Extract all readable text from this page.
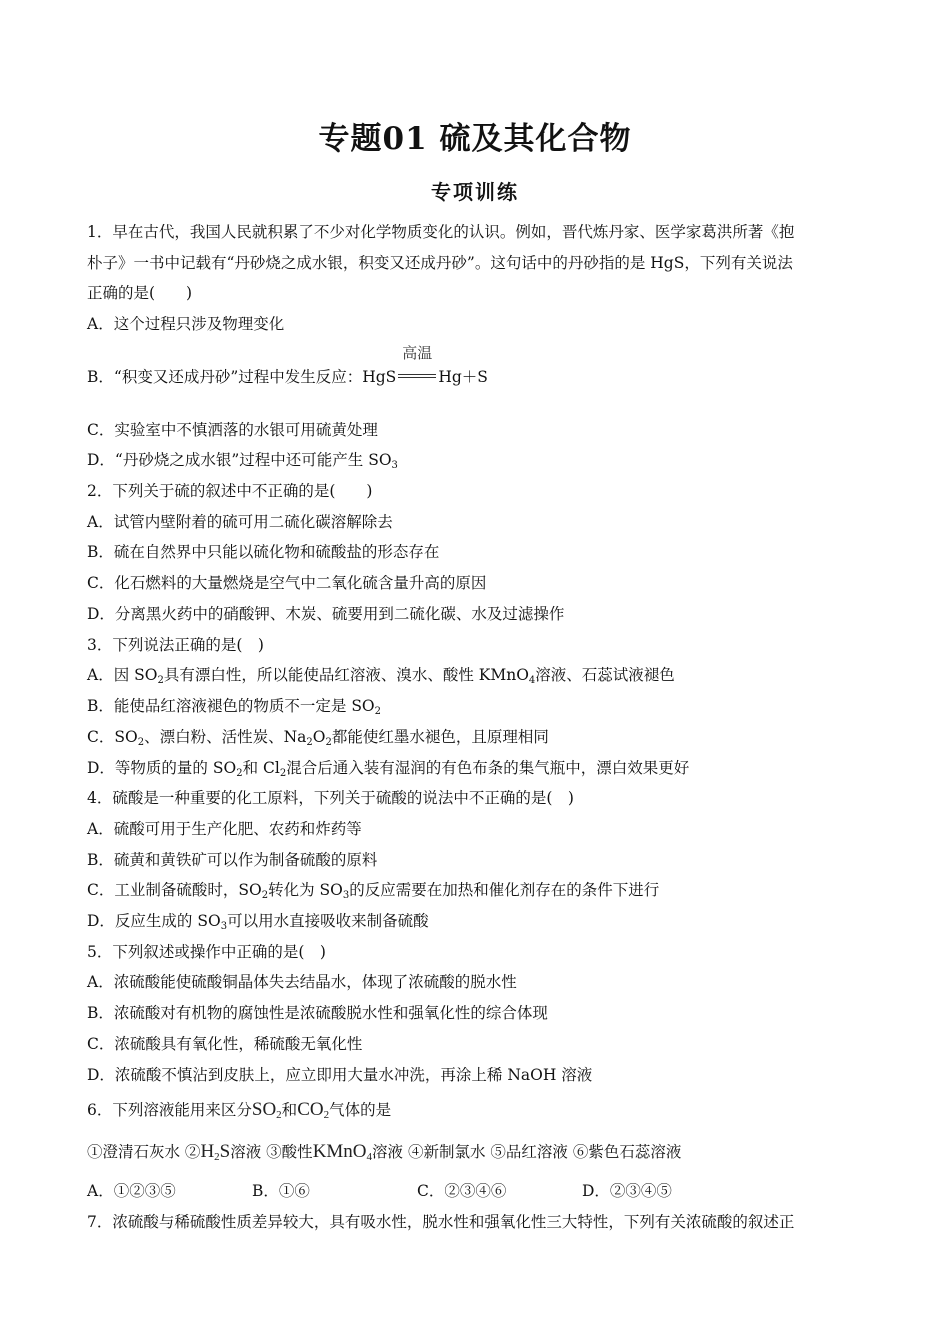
专题01 硫及其化合物
专项训练
1．早在古代，我国人民就积累了不少对化学物质变化的认识。例如，晋代炼丹家、医学家葛洪所著《抱
朴子》一书中记载有“丹砂烧之成水银，积变又还成丹砂”。这句话中的丹砂指的是 HgS，下列有关说法
正确的是(　　)
A．这个过程只涉及物理变化
B．“积变又还成丹砂”过程中发生反应：HgS
高温
Hg＋S
C．实验室中不慎洒落的水银可用硫黄处理
D．“丹砂烧之成水银”过程中还可能产生 $SO_3$
2．下列关于硫的叙述中不正确的是(　　)
A．试管内壁附着的硫可用二硫化碳溶解除去
B．硫在自然界中只能以硫化物和硫酸盐的形态存在
C．化石燃料的大量燃烧是空气中二氧化硫含量升高的原因
D．分离黑火药中的硝酸钾、木炭、硫要用到二硫化碳、水及过滤操作
3．下列说法正确的是(　)
A．因 $SO_2$具有漂白性，所以能使品红溶液、溴水、酸性 KMnO$_4$溶液、石蕊试液褪色
B．能使品红溶液褪色的物质不一定是 $SO_2$
C．$SO_2$、漂白粉、活性炭、$Na_2O_2$都能使红墨水褪色，且原理相同
D．等物质的量的 $SO_2$和 $Cl_2$混合后通入装有湿润的有色布条的集气瓶中，漂白效果更好
4．硫酸是一种重要的化工原料，下列关于硫酸的说法中不正确的是(　)
A．硫酸可用于生产化肥、农药和炸药等
B．硫黄和黄铁矿可以作为制备硫酸的原料
C．工业制备硫酸时，$SO_2$转化为 $SO_3$的反应需要在加热和催化剂存在的条件下进行
D．反应生成的 $SO_3$可以用水直接吸收来制备硫酸
5．下列叙述或操作中正确的是(　)
A．浓硫酸能使硫酸铜晶体失去结晶水，体现了浓硫酸的脱水性
B．浓硫酸对有机物的腐蚀性是浓硫酸脱水性和强氧化性的综合体现
C．浓硫酸具有氧化性，稀硫酸无氧化性
D．浓硫酸不慎沾到皮肤上，应立即用大量水冲洗，再涂上稀 NaOH 溶液
6．下列溶液能用来区分SO2和CO2气体的是
①澄清石灰水 ②H2S溶液 ③酸性KMnO4溶液 ④新制氯水 ⑤品红溶液 ⑥紫色石蕊溶液
A．①②③⑤	B．①⑥	C．②③④⑥	D．②③④⑤
7．浓硫酸与稀硫酸性质差异较大，具有吸水性，脱水性和强氧化性三大特性，下列有关浓硫酸的叙述正
